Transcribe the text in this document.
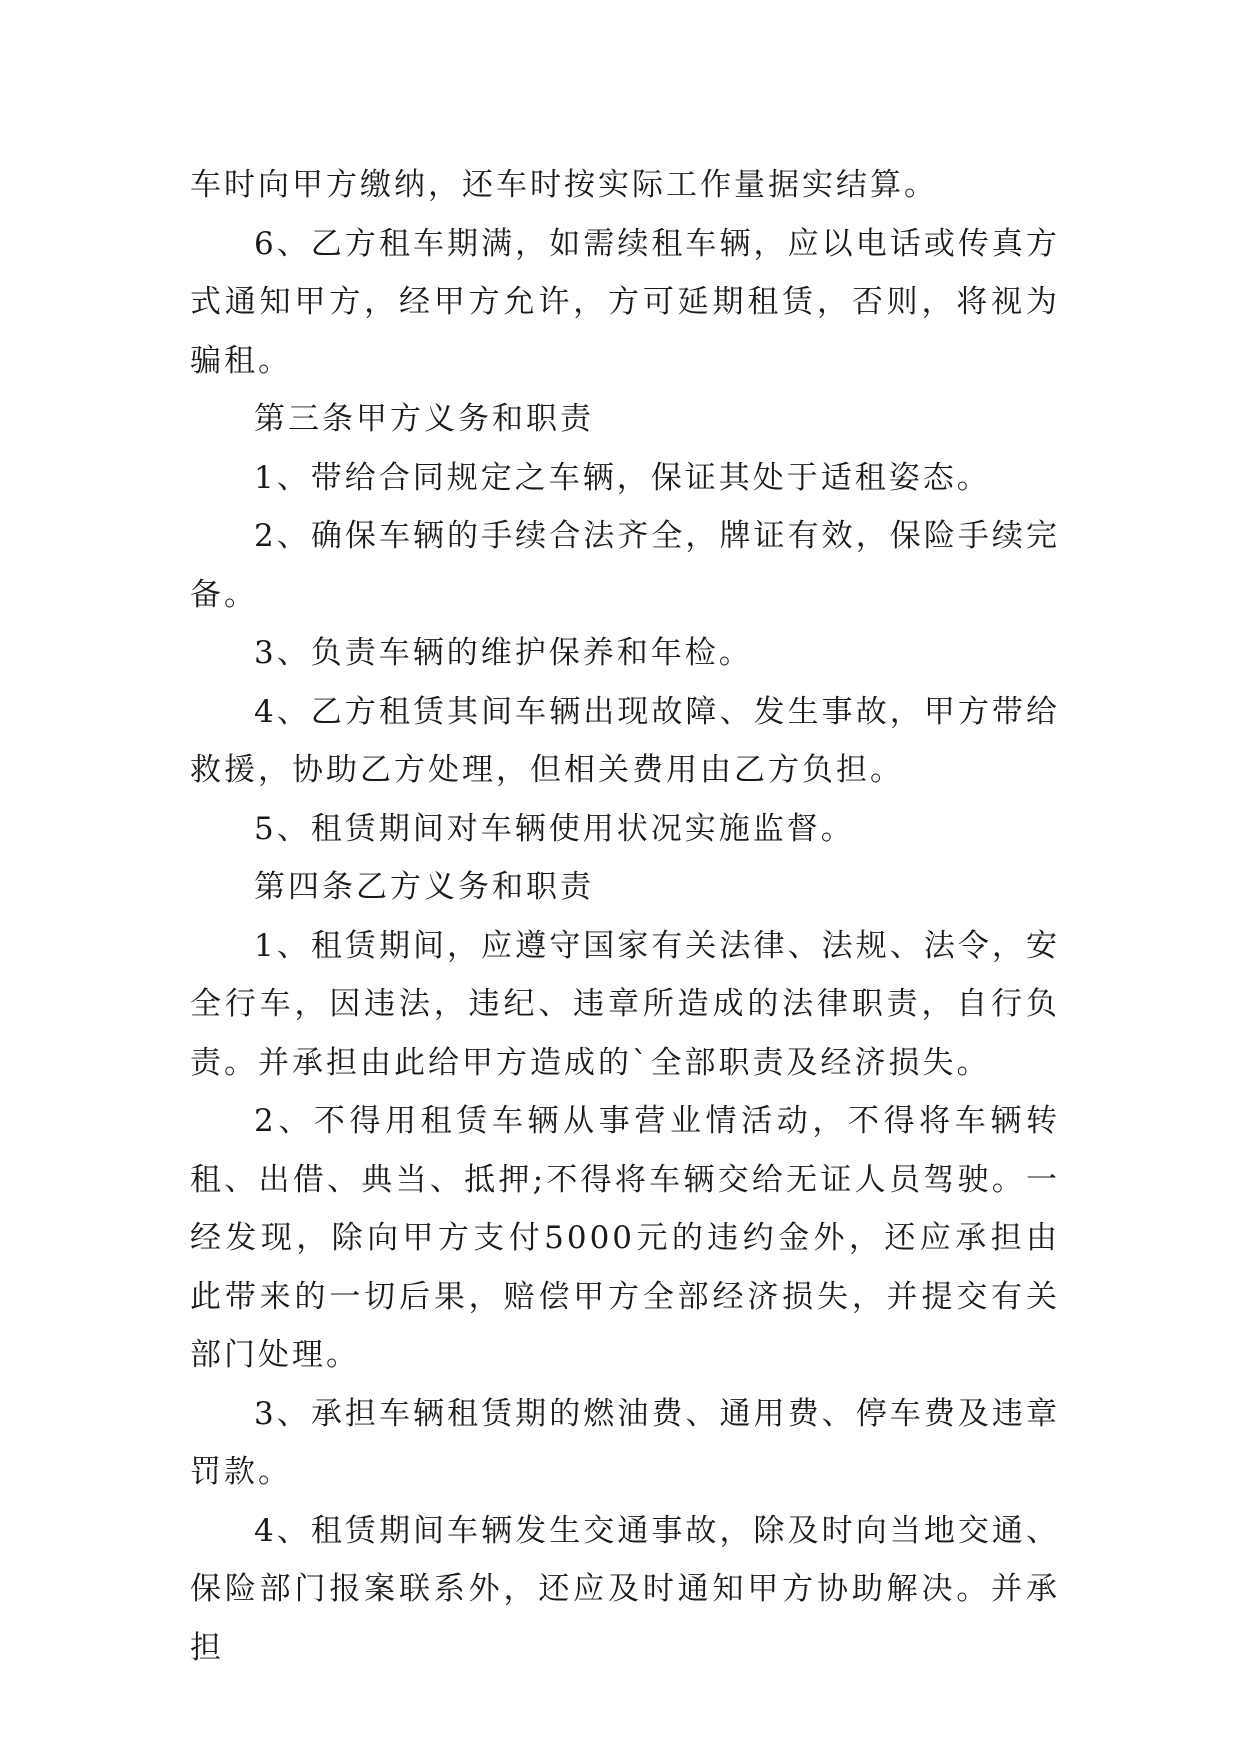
车时向甲方缴纳，还车时按实际工作量据实结算。

6、乙方租车期满，如需续租车辆，应以电话或传真方式通知甲方，经甲方允许，方可延期租赁，否则，将视为骗租。

第三条甲方义务和职责

1、带给合同规定之车辆，保证其处于适租姿态。

2、确保车辆的手续合法齐全，牌证有效，保险手续完备。

3、负责车辆的维护保养和年检。

4、乙方租赁其间车辆出现故障、发生事故，甲方带给救援，协助乙方处理，但相关费用由乙方负担。

5、租赁期间对车辆使用状况实施监督。

第四条乙方义务和职责

1、租赁期间，应遵守国家有关法律、法规、法令，安全行车，因违法，违纪、违章所造成的法律职责，自行负责。并承担由此给甲方造成的`全部职责及经济损失。

2、不得用租赁车辆从事营业情活动，不得将车辆转租、出借、典当、抵押;不得将车辆交给无证人员驾驶。一经发现，除向甲方支付5000元的违约金外，还应承担由此带来的一切后果，赔偿甲方全部经济损失，并提交有关部门处理。

3、承担车辆租赁期的燃油费、通用费、停车费及违章罚款。

4、租赁期间车辆发生交通事故，除及时向当地交通、保险部门报案联系外，还应及时通知甲方协助解决。并承担
